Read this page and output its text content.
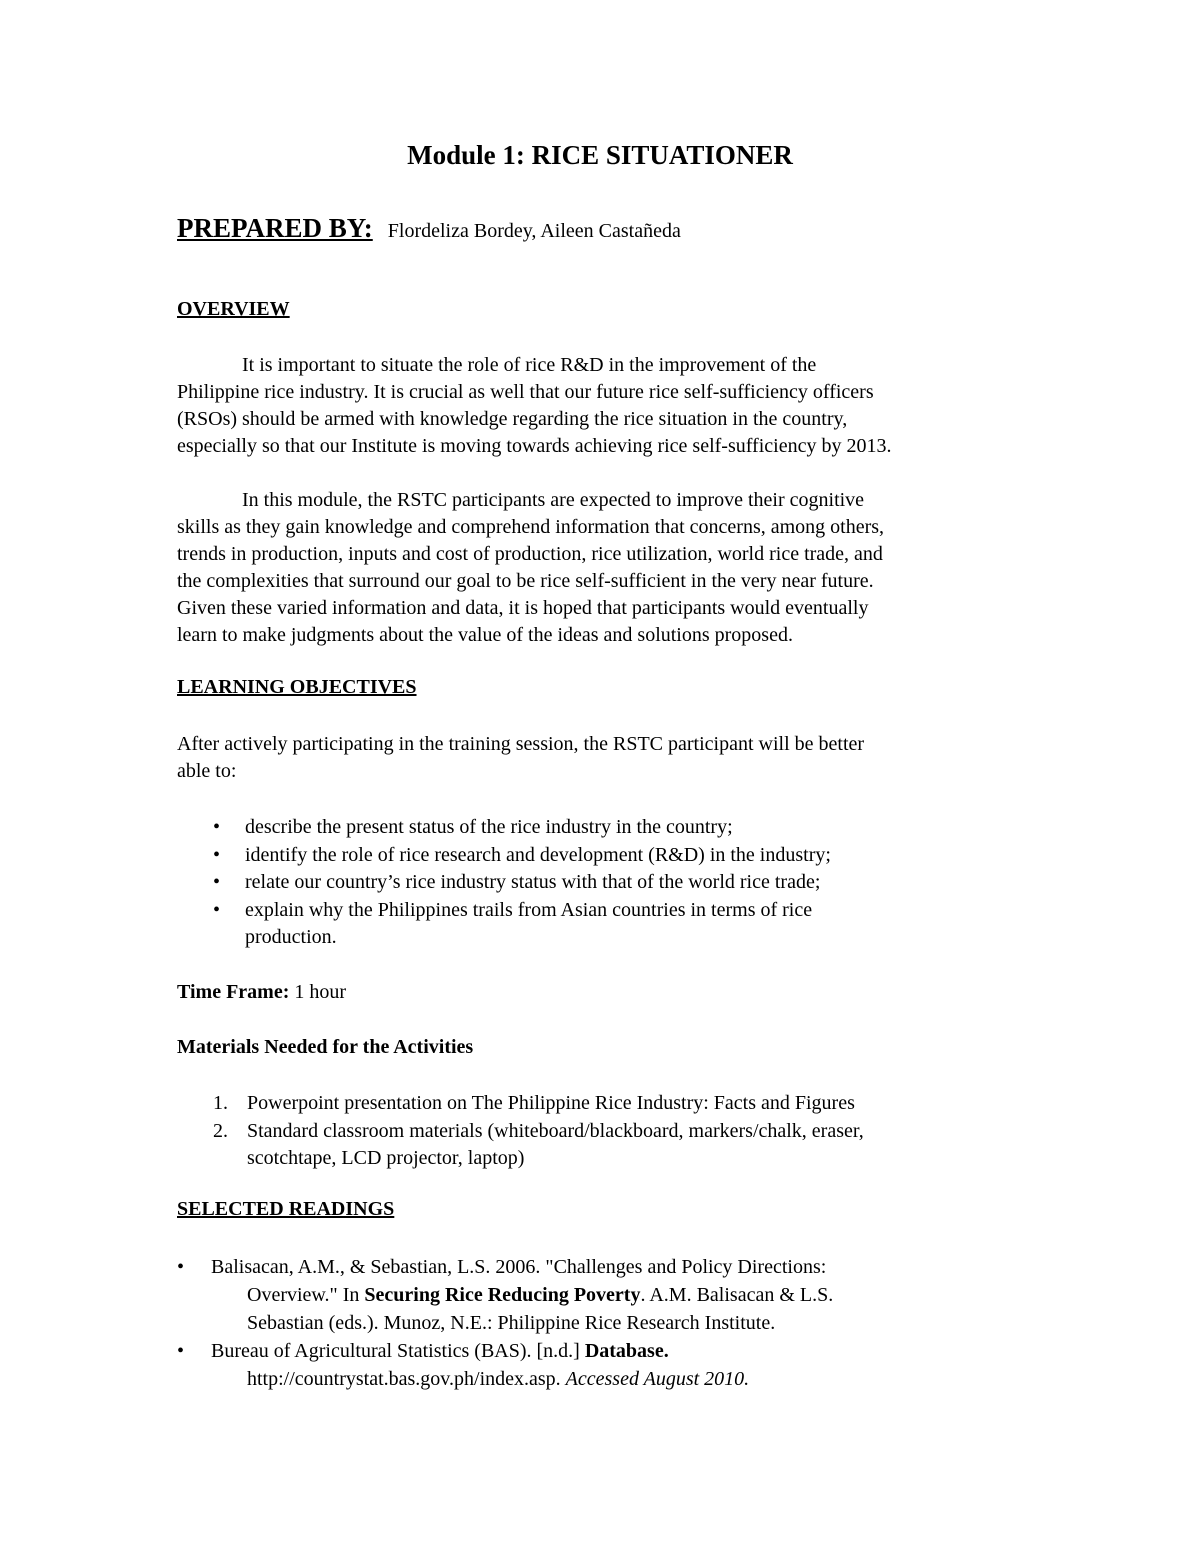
Module 1: RICE SITUATIONER
PREPARED BY: Flordeliza Bordey, Aileen Castañeda
OVERVIEW

It is important to situate the role of rice R&D in the improvement of the
Philippine rice industry. It is crucial as well that our future rice self-sufficiency officers
(RSOs) should be armed with knowledge regarding the rice situation in the country,
especially so that our Institute is moving towards achieving rice self-sufficiency by 2013.

In this module, the RSTC participants are expected to improve their cognitive
skills as they gain knowledge and comprehend information that concerns, among others,
trends in production, inputs and cost of production, rice utilization, world rice trade, and
the complexities that surround our goal to be rice self-sufficient in the very near future.
Given these varied information and data, it is hoped that participants would eventually
learn to make judgments about the value of the ideas and solutions proposed.

LEARNING OBJECTIVES

After actively participating in the training session, the RSTC participant will be better
able to:

• describe the present status of the rice industry in the country;
• identify the role of rice research and development (R&D) in the industry;
• relate our country’s rice industry status with that of the world rice trade;
• explain why the Philippines trails from Asian countries in terms of rice
production.
Time Frame: 1 hour
Materials Needed for the Activities
1. Powerpoint presentation on The Philippine Rice Industry: Facts and Figures
2. Standard classroom materials (whiteboard/blackboard, markers/chalk, eraser,
scotchtape, LCD projector, laptop)
SELECTED READINGS
• Balisacan, A.M., & Sebastian, L.S. 2006. "Challenges and Policy Directions:
Overview." In Securing Rice Reducing Poverty. A.M. Balisacan & L.S.
Sebastian (eds.). Munoz, N.E.: Philippine Rice Research Institute.
• Bureau of Agricultural Statistics (BAS). [n.d.] Database.
http://countrystat.bas.gov.ph/index.asp. Accessed August 2010.
